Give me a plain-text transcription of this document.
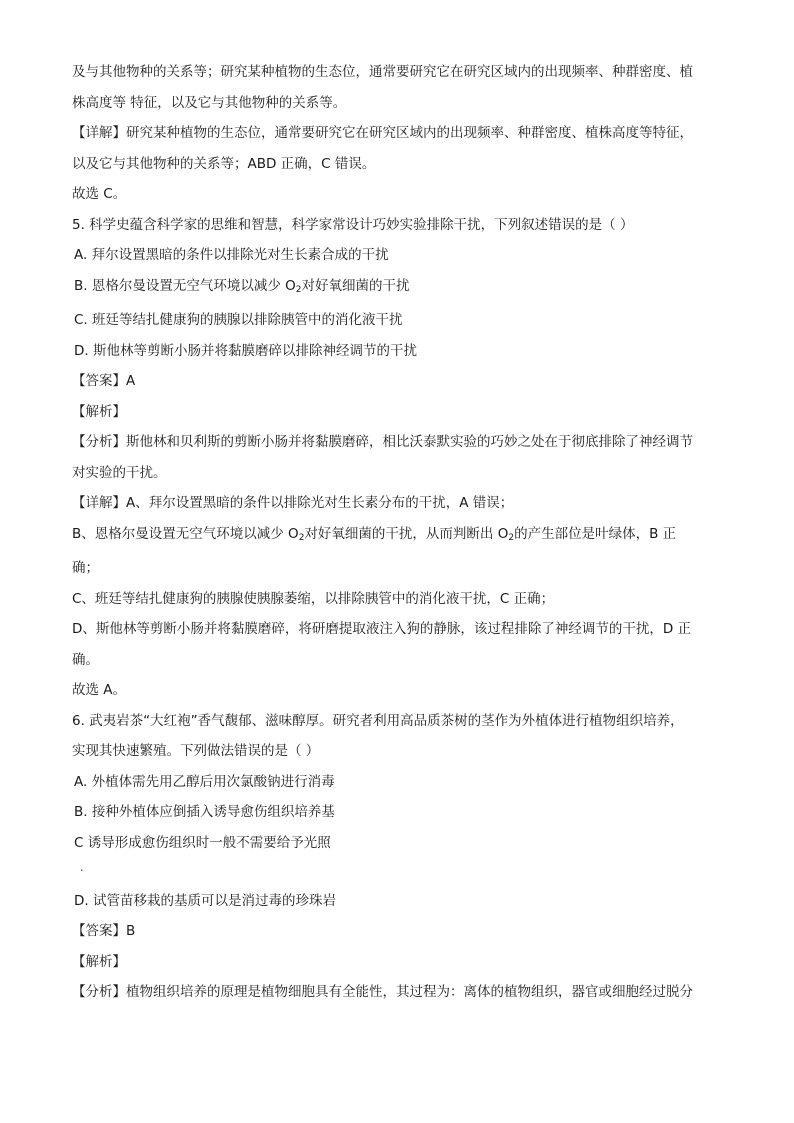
及与其他物种的关系等；研究某种植物的生态位，通常要研究它在研究区域内的出现频率、种群密度、植

株高度等 特征，以及它与其他物种的关系等。

【详解】研究某种植物的生态位，通常要研究它在研究区域内的出现频率、种群密度、植株高度等特征，

以及它与其他物种的关系等；ABD 正确，C 错误。

故选 C。

5. 科学史蕴含科学家的思维和智慧，科学家常设计巧妙实验排除干扰，下列叙述错误的是（ ）

A. 拜尔设置黑暗的条件以排除光对生长素合成的干扰

B. 恩格尔曼设置无空气环境以减少 $O_2$对好氧细菌的干扰

C. 班廷等结扎健康狗的胰腺以排除胰管中的消化液干扰

D. 斯他林等剪断小肠并将黏膜磨碎以排除神经调节的干扰

【答案】A

【解析】

【分析】斯他林和贝利斯的剪断小肠并将黏膜磨碎，相比沃泰默实验的巧妙之处在于彻底排除了神经调节

对实验的干扰。

【详解】A、拜尔设置黑暗的条件以排除光对生长素分布的干扰，A 错误；

B、恩格尔曼设置无空气环境以减少 $O_2$对好氧细菌的干扰，从而判断出 $O_2$的产生部位是叶绿体，B 正

确；

C、班廷等结扎健康狗的胰腺使胰腺萎缩，以排除胰管中的消化液干扰，C 正确；

D、斯他林等剪断小肠并将黏膜磨碎，将研磨提取液注入狗的静脉，该过程排除了神经调节的干扰，D 正

确。

故选 A。

6. 武夷岩茶“大红袍”香气馥郁、滋味醇厚。研究者利用高品质茶树的茎作为外植体进行植物组织培养，

实现其快速繁殖。下列做法错误的是（ ）

A. 外植体需先用乙醇后用次氯酸钠进行消毒

B. 接种外植体应倒插入诱导愈伤组织培养基

C 诱导形成愈伤组织时一般不需要给予光照

.

D. 试管苗移栽的基质可以是消过毒的珍珠岩

【答案】B

【解析】

【分析】植物组织培养的原理是植物细胞具有全能性，其过程为：离体的植物组织，器官或细胞经过脱分
